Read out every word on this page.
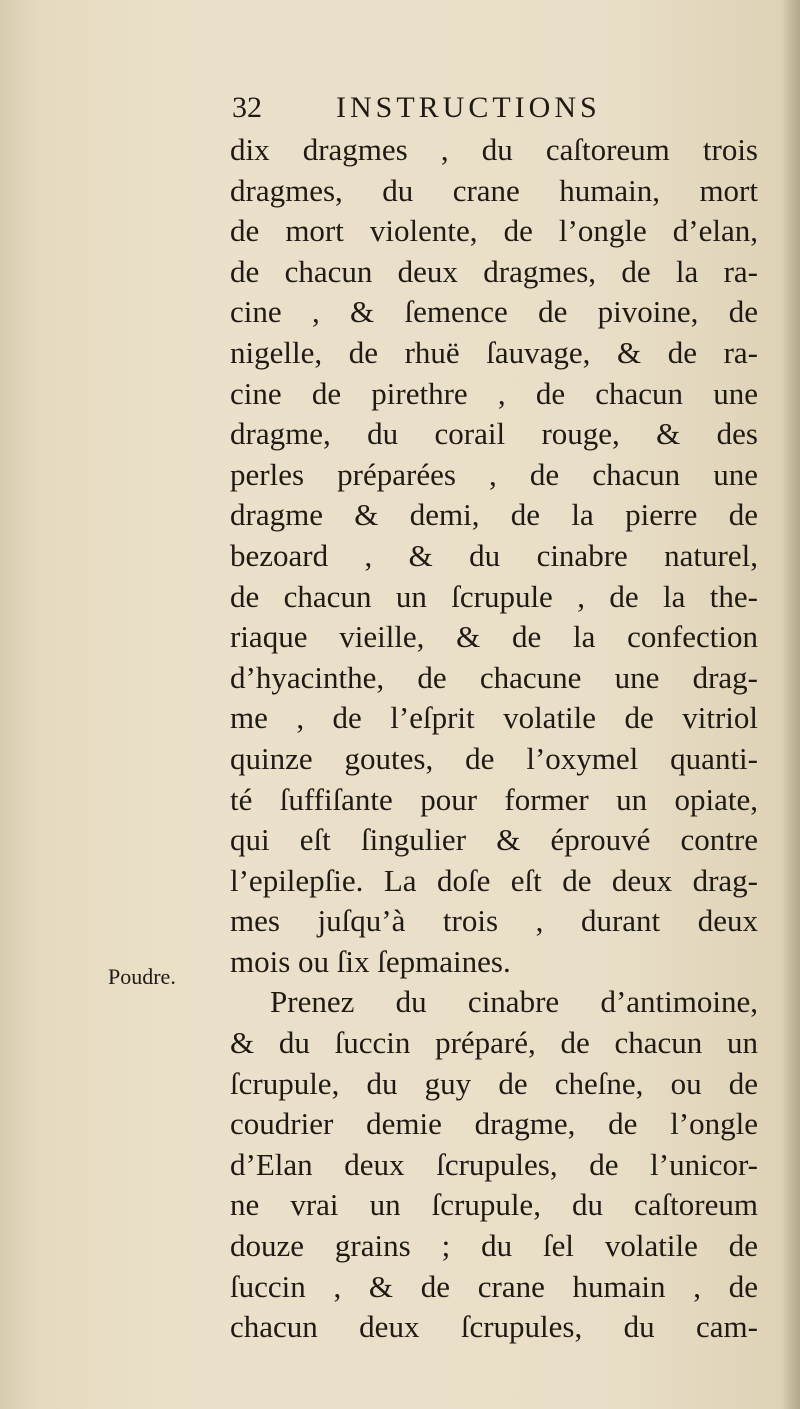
32 INSTRUCTIONS
Poudre.
dix dragmes , du caſtoreum trois
dragmes, du crane humain, mort
de mort violente, de l’ongle d’elan,
de chacun deux dragmes, de la ra-
cine , & ſemence de pivoine, de
nigelle, de rhuë ſauvage, & de ra-
cine de pirethre , de chacun une
dragme, du corail rouge, & des
perles préparées , de chacun une
dragme & demi, de la pierre de
bezoard , & du cinabre naturel,
de chacun un ſcrupule , de la the-
riaque vieille, & de la confection
d’hyacinthe, de chacune une drag-
me , de l’eſprit volatile de vitriol
quinze goutes, de l’oxymel quanti-
té ſuffiſante pour former un opiate,
qui eſt ſingulier & éprouvé contre
l’epilepſie. La doſe eſt de deux drag-
mes juſqu’à trois , durant deux
mois ou ſix ſepmaines.
Prenez du cinabre d’antimoine,
& du ſuccin préparé, de chacun un
ſcrupule, du guy de cheſne, ou de
coudrier demie dragme, de l’ongle
d’Elan deux ſcrupules, de l’unicor-
ne vrai un ſcrupule, du caſtoreum
douze grains ; du ſel volatile de
ſuccin , & de crane humain , de
chacun deux ſcrupules, du cam-
